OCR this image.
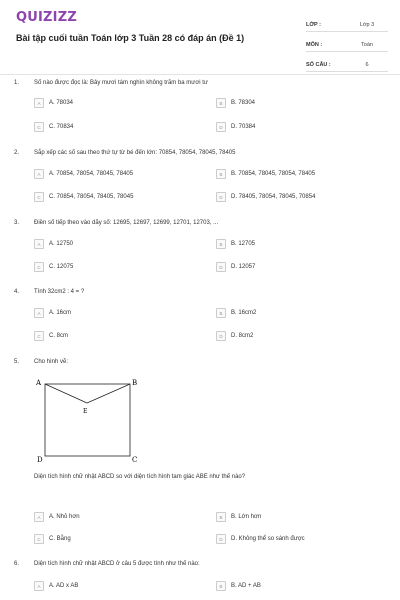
QUIZIZZ
Bài tập cuối tuần Toán lớp 3 Tuần 28 có đáp án (Đề 1)
LỚP :	Lớp 3
MÔN :	Toán
SỐ CÂU :	6
1. Số nào được đọc là: Bảy mươi tám nghìn không trăm ba mươi tư
A	A. 78034	B	B. 78304
C	C. 70834	D	D. 70384
2. Sắp xếp các số sau theo thứ tự từ bé đến lớn: 70854, 78054, 78045, 78405
A	A. 70854, 78054, 78045, 78405	B	B. 70854, 78045, 78054, 78405
C	C. 70854, 78054, 78405, 78045	D	D. 78405, 78054, 78045, 70854
3. Điền số tiếp theo vào dãy số: 12695, 12697, 12699, 12701, 12703, ...
A	A. 12750	B	B. 12705
C	C. 12075	D	D. 12057
4. Tính 32cm2 : 4 = ?
A	A. 16cm	B	B. 16cm2
C	C. 8cm	D	D. 8cm2
5. Cho hình vẽ:
A	B
C
D
E
Diện tích hình chữ nhật ABCD so với diện tích hình tam giác ABE như thế nào?
A	A. Nhỏ hơn	B	B. Lớn hơn
C	C. Bằng	D	D. Không thể so sánh được
6. Diện tích hình chữ nhật ABCD ở câu 5 được tính như thế nào:
A	A. AD x AB	B	B. AD + AB
